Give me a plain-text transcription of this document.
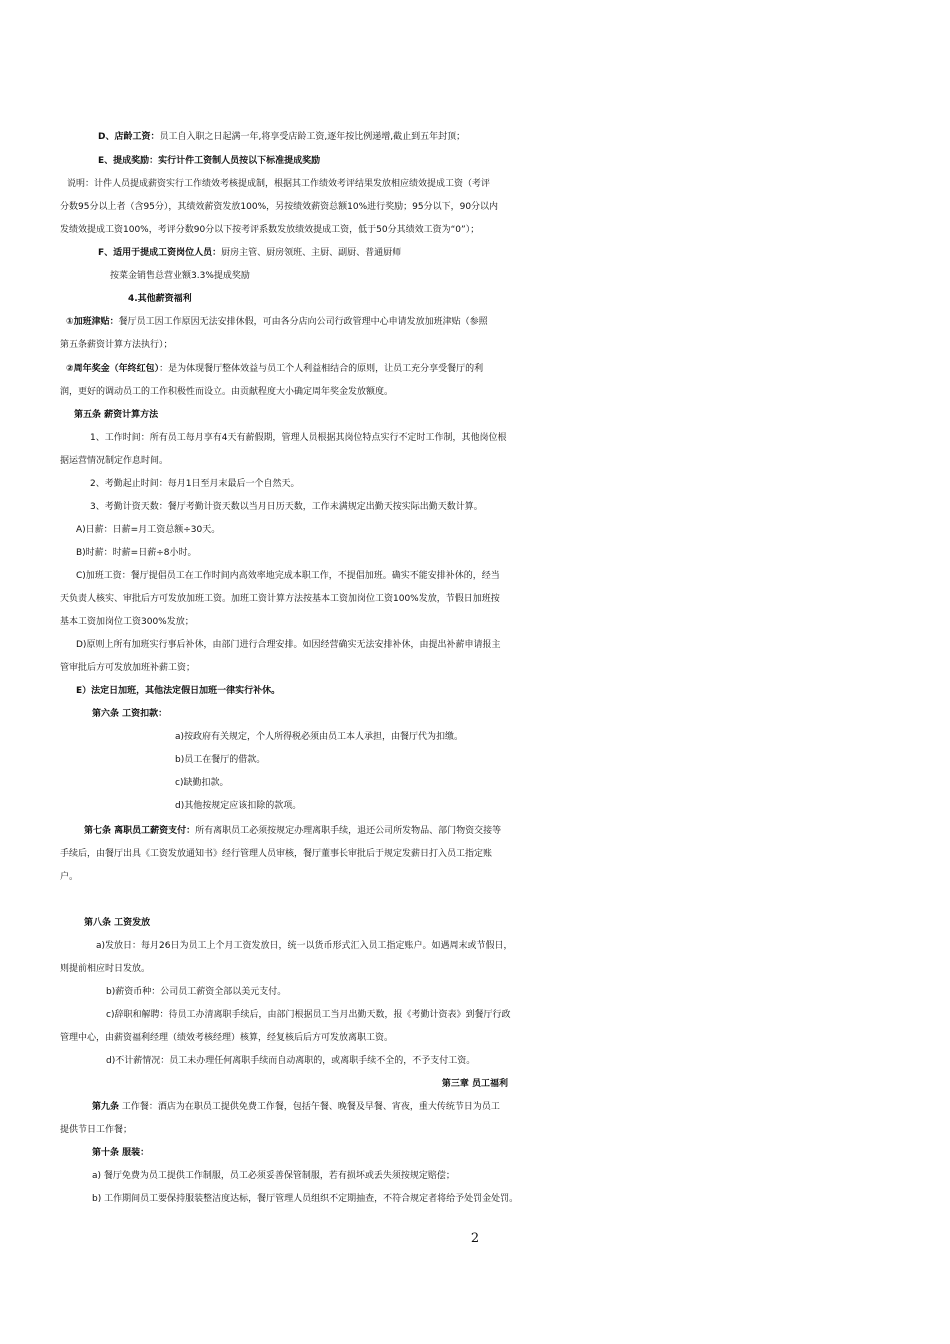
D、店龄工资：员工自入职之日起满一年,将享受店龄工资,逐年按比例递增,截止到五年封顶；
E、提成奖励：实行计件工资制人员按以下标准提成奖励
说明：计件人员提成薪资实行工作绩效考核提成制，根据其工作绩效考评结果发放相应绩效提成工资（考评
分数95分以上者（含95分），其绩效薪资发放100%，另按绩效薪资总额10%进行奖励；95分以下，90分以内
发绩效提成工资100%，考评分数90分以下按考评系数发放绩效提成工资，低于50分其绩效工资为“0”）；
F、适用于提成工资岗位人员：厨房主管、厨房领班、主厨、副厨、普通厨师
按菜金销售总营业额3.3%提成奖励
4.其他薪资福利
①加班津贴：餐厅员工因工作原因无法安排休假，可由各分店向公司行政管理中心申请发放加班津贴（参照
第五条薪资计算方法执行）；
②周年奖金（年终红包）：是为体现餐厅整体效益与员工个人利益相结合的原则，让员工充分享受餐厅的利
润，更好的调动员工的工作积极性而设立。由贡献程度大小确定周年奖金发放额度。
第五条 薪资计算方法
1、工作时间：所有员工每月享有4天有薪假期，管理人员根据其岗位特点实行不定时工作制，其他岗位根
据运营情况制定作息时间。
2、考勤起止时间：每月1日至月末最后一个自然天。
3、考勤计资天数：餐厅考勤计资天数以当月日历天数，工作未满规定出勤天按实际出勤天数计算。
A)日薪：日薪=月工资总额÷30天。
B)时薪：时薪=日薪÷8小时。
C)加班工资：餐厅提倡员工在工作时间内高效率地完成本职工作，不提倡加班。确实不能安排补休的，经当
天负责人核实、审批后方可发放加班工资。加班工资计算方法按基本工资加岗位工资100%发放，节假日加班按
基本工资加岗位工资300%发放；
D)原则上所有加班实行事后补休，由部门进行合理安排。如因经营确实无法安排补休，由提出补薪申请报主
管审批后方可发放加班补薪工资；
E）法定日加班，其他法定假日加班一律实行补休。
第六条 工资扣款：
a)按政府有关规定，个人所得税必须由员工本人承担，由餐厅代为扣缴。
b)员工在餐厅的借款。
c)缺勤扣款。
d)其他按规定应该扣除的款项。
第七条 离职员工薪资支付：所有离职员工必须按规定办理离职手续，退还公司所发物品、部门物资交接等
手续后，由餐厅出具《工资发放通知书》经行管理人员审核，餐厅董事长审批后于规定发薪日打入员工指定账
户。
第八条 工资发放
a)发放日：每月26日为员工上个月工资发放日，统一以货币形式汇入员工指定账户。如遇周末或节假日，
则提前相应时日发放。
b)薪资币种：公司员工薪资全部以美元支付。
c)辞职和解聘：待员工办清离职手续后，由部门根据员工当月出勤天数，报《考勤计资表》到餐厅行政
管理中心，由薪资福利经理（绩效考核经理）核算，经复核后后方可发放离职工资。
d)不计薪情况：员工未办理任何离职手续而自动离职的，或离职手续不全的，不予支付工资。
第三章 员工福利
第九条 工作餐：酒店为在职员工提供免费工作餐，包括午餐、晚餐及早餐、宵夜，重大传统节日为员工
提供节日工作餐；
第十条 服装：
a) 餐厅免费为员工提供工作制服，员工必须妥善保管制服，若有损坏或丢失须按规定赔偿；
b) 工作期间员工要保持服装整洁度达标，餐厅管理人员组织不定期抽查，不符合规定者将给予处罚金处罚。
2
